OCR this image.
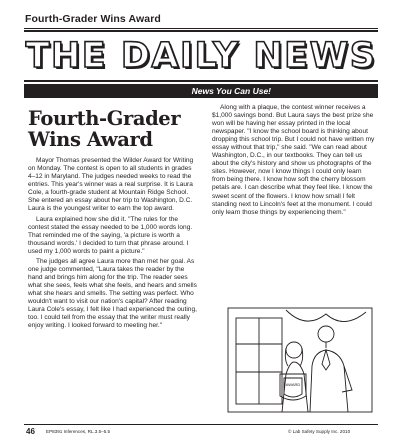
Fourth-Grader Wins Award
THE DAILY NEWS
News You Can Use!
Fourth-Grader
Wins Award

Mayor Thomas presented the Wilder Award for Writing on Monday. The contest is open to all students in grades 4–12 in Maryland. The judges needed weeks to read the entries. This year's winner was a real surprise. It is Laura Cole, a fourth-grade student at Mountain Ridge School. She entered an essay about her trip to Washington, D.C. Laura is the youngest writer to earn the top award.

Laura explained how she did it. "The rules for the contest stated the essay needed to be 1,000 words long. That reminded me of the saying, 'a picture is worth a thousand words.' I decided to turn that phrase around. I used my 1,000 words to paint a picture."

The judges all agree Laura more than met her goal. As one judge commented, "Laura takes the reader by the hand and brings him along for the trip. The reader sees what she sees, feels what she feels, and hears and smells what she hears and smells. The setting was perfect. Who wouldn't want to visit our nation's capital? After reading Laura Cole's essay, I felt like I had experienced the outing, too. I could tell from the essay that the writer must really enjoy writing. I looked forward to meeting her."

Along with a plaque, the contest winner receives a $1,000 savings bond. But Laura says the best prize she won will be having her essay printed in the local newspaper. "I know the school board is thinking about dropping this school trip. But I could not have written my essay without that trip," she said. "We can read about Washington, D.C., in our textbooks. They can tell us about the city's history and show us photographs of the sites. However, now I know things I could only learn from being there. I know how soft the cherry blossom petals are. I can describe what they feel like. I know the sweet scent of the flowers. I know how small I felt standing next to Lincoln's feet at the monument. I could only learn those things by experiencing them."

AWARD
46 EP8391 Inferences, RL.3.5–5.5	© Lab Safety Supply Inc. 2010
